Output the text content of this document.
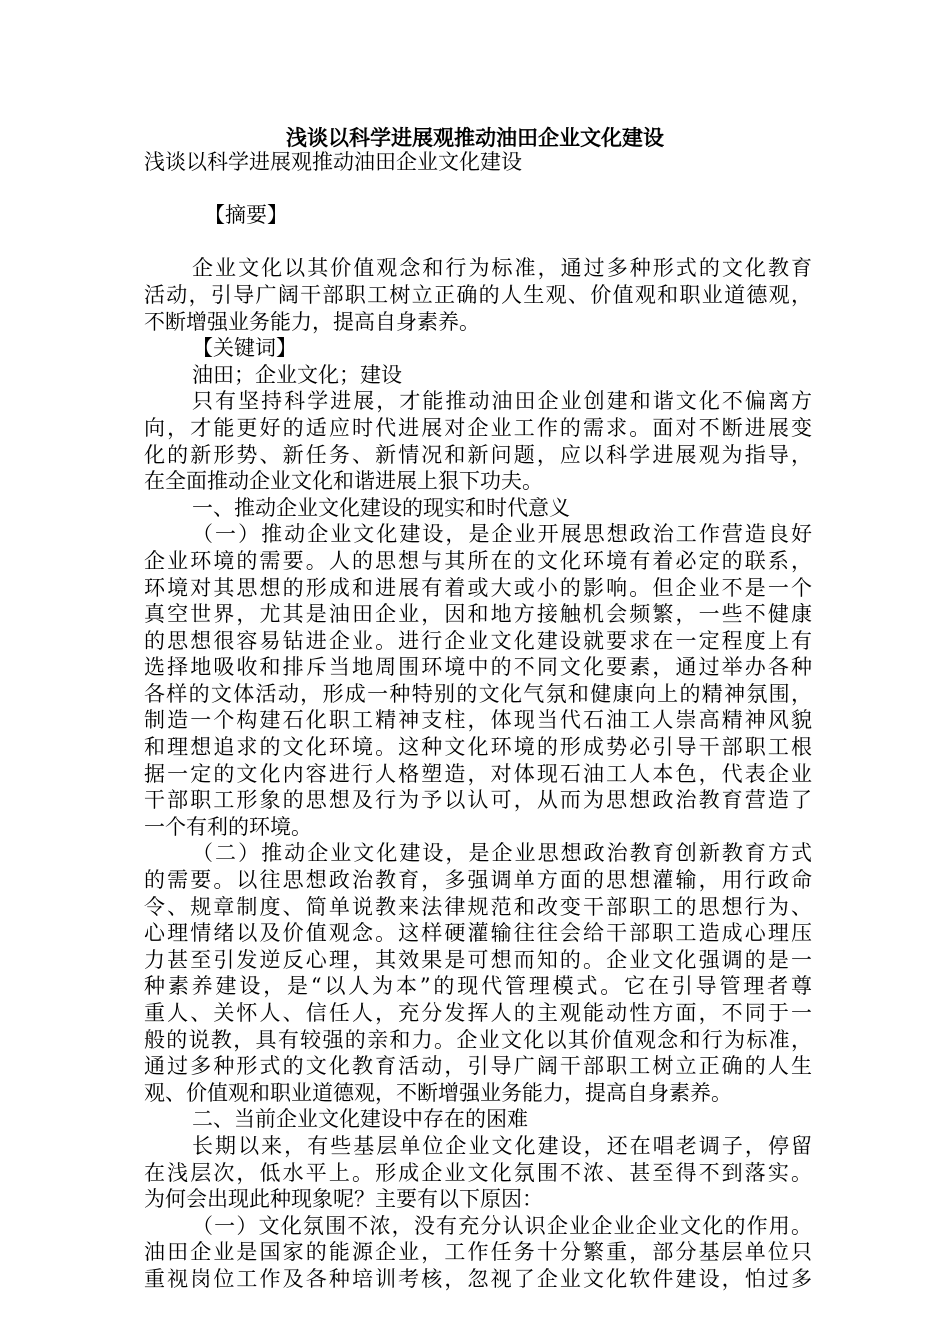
浅谈以科学进展观推动油田企业文化建设
浅谈以科学进展观推动油田企业文化建设
【摘要】
企业文化以其价值观念和行为标准，通过多种形式的文化教育
活动，引导广阔干部职工树立正确的人生观、价值观和职业道德观，
不断增强业务能力，提高自身素养。
【关键词】
油田；企业文化；建设
只有坚持科学进展，才能推动油田企业创建和谐文化不偏离方
向，才能更好的适应时代进展对企业工作的需求。面对不断进展变
化的新形势、新任务、新情况和新问题，应以科学进展观为指导，
在全面推动企业文化和谐进展上狠下功夫。
一、推动企业文化建设的现实和时代意义
（一）推动企业文化建设，是企业开展思想政治工作营造良好
企业环境的需要。人的思想与其所在的文化环境有着必定的联系，
环境对其思想的形成和进展有着或大或小的影响。但企业不是一个
真空世界，尤其是油田企业，因和地方接触机会频繁，一些不健康
的思想很容易钻进企业。进行企业文化建设就要求在一定程度上有
选择地吸收和排斥当地周围环境中的不同文化要素，通过举办各种
各样的文体活动，形成一种特别的文化气氛和健康向上的精神氛围，
制造一个构建石化职工精神支柱，体现当代石油工人崇高精神风貌
和理想追求的文化环境。这种文化环境的形成势必引导干部职工根
据一定的文化内容进行人格塑造，对体现石油工人本色，代表企业
干部职工形象的思想及行为予以认可，从而为思想政治教育营造了
一个有利的环境。
（二）推动企业文化建设，是企业思想政治教育创新教育方式
的需要。以往思想政治教育，多强调单方面的思想灌输，用行政命
令、规章制度、简单说教来法律规范和改变干部职工的思想行为、
心理情绪以及价值观念。这样硬灌输往往会给干部职工造成心理压
力甚至引发逆反心理，其效果是可想而知的。企业文化强调的是一
种素养建设，是“以人为本”的现代管理模式。它在引导管理者尊
重人、关怀人、信任人，充分发挥人的主观能动性方面，不同于一
般的说教，具有较强的亲和力。企业文化以其价值观念和行为标准，
通过多种形式的文化教育活动，引导广阔干部职工树立正确的人生
观、价值观和职业道德观，不断增强业务能力，提高自身素养。
二、当前企业文化建设中存在的困难
长期以来，有些基层单位企业文化建设，还在唱老调子，停留
在浅层次，低水平上。形成企业文化氛围不浓、甚至得不到落实。
为何会出现此种现象呢？主要有以下原因：
（一）文化氛围不浓，没有充分认识企业企业企业文化的作用。
油田企业是国家的能源企业，工作任务十分繁重，部分基层单位只
重视岗位工作及各种培训考核，忽视了企业文化软件建设，怕过多
